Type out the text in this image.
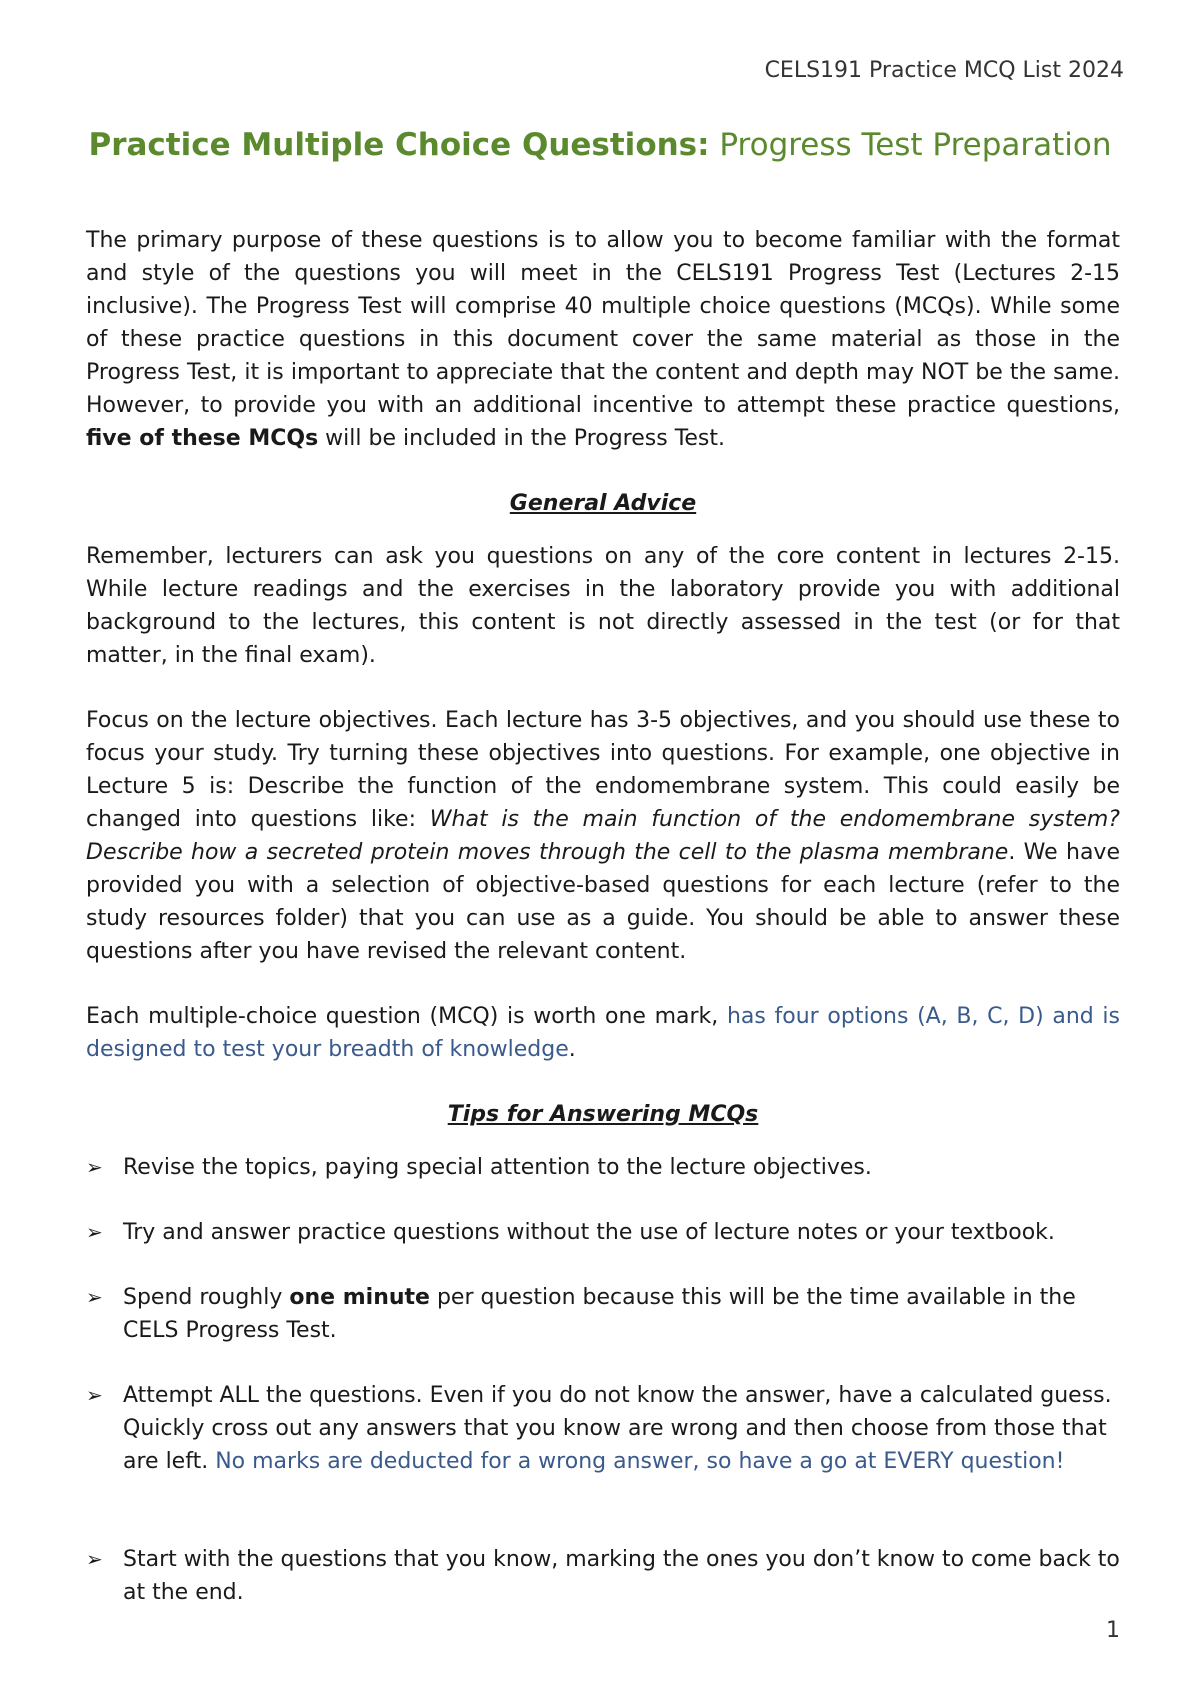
CELS191 Practice MCQ List 2024
Practice Multiple Choice Questions: Progress Test Preparation

The primary purpose of these questions is to allow you to become familiar with the format and style of the questions you will meet in the CELS191 Progress Test (Lectures 2-15 inclusive). The Progress Test will comprise 40 multiple choice questions (MCQs). While some of these practice questions in this document cover the same material as those in the Progress Test, it is important to appreciate that the content and depth may NOT be the same. However, to provide you with an additional incentive to attempt these practice questions, five of these MCQs will be included in the Progress Test.

General Advice

Remember, lecturers can ask you questions on any of the core content in lectures 2-15. While lecture readings and the exercises in the laboratory provide you with additional background to the lectures, this content is not directly assessed in the test (or for that matter, in the final exam).

Focus on the lecture objectives. Each lecture has 3-5 objectives, and you should use these to focus your study. Try turning these objectives into questions. For example, one objective in Lecture 5 is: Describe the function of the endomembrane system. This could easily be changed into questions like: What is the main function of the endomembrane system? Describe how a secreted protein moves through the cell to the plasma membrane. We have provided you with a selection of objective-based questions for each lecture (refer to the study resources folder) that you can use as a guide. You should be able to answer these questions after you have revised the relevant content.

Each multiple-choice question (MCQ) is worth one mark, has four options (A, B, C, D) and is designed to test your breadth of knowledge.

Tips for Answering MCQs
➢ Revise the topics, paying special attention to the lecture objectives.
➢ Try and answer practice questions without the use of lecture notes or your textbook.
➢ Spend roughly one minute per question because this will be the time available in the CELS Progress Test.
➢ Attempt ALL the questions. Even if you do not know the answer, have a calculated guess. Quickly cross out any answers that you know are wrong and then choose from those that are left. No marks are deducted for a wrong answer, so have a go at EVERY question!
➢ Start with the questions that you know, marking the ones you don’t know to come back to at the end.
1
